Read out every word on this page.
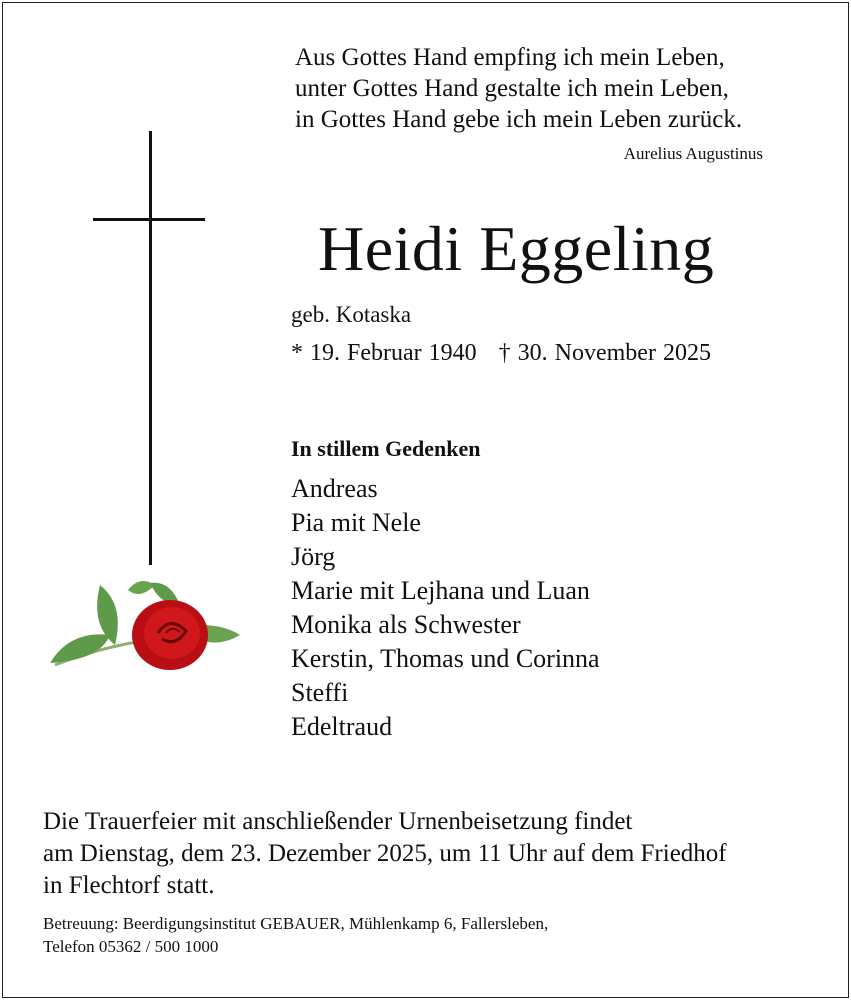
Aus Gottes Hand empfing ich mein Leben,
unter Gottes Hand gestalte ich mein Leben,
in Gottes Hand gebe ich mein Leben zurück.
Aurelius Augustinus
Heidi Eggeling
geb. Kotaska
* 19. Februar 1940 † 30. November 2025
In stillem Gedenken
Andreas
Pia mit Nele
Jörg
Marie mit Lejhana und Luan
Monika als Schwester
Kerstin, Thomas und Corinna
Steffi
Edeltraud
Die Trauerfeier mit anschließender Urnenbeisetzung findet
am Dienstag, dem 23. Dezember 2025, um 11 Uhr auf dem Friedhof
in Flechtorf statt.
Betreuung: Beerdigungsinstitut GEBAUER, Mühlenkamp 6, Fallersleben,
Telefon 05362 / 500 1000
